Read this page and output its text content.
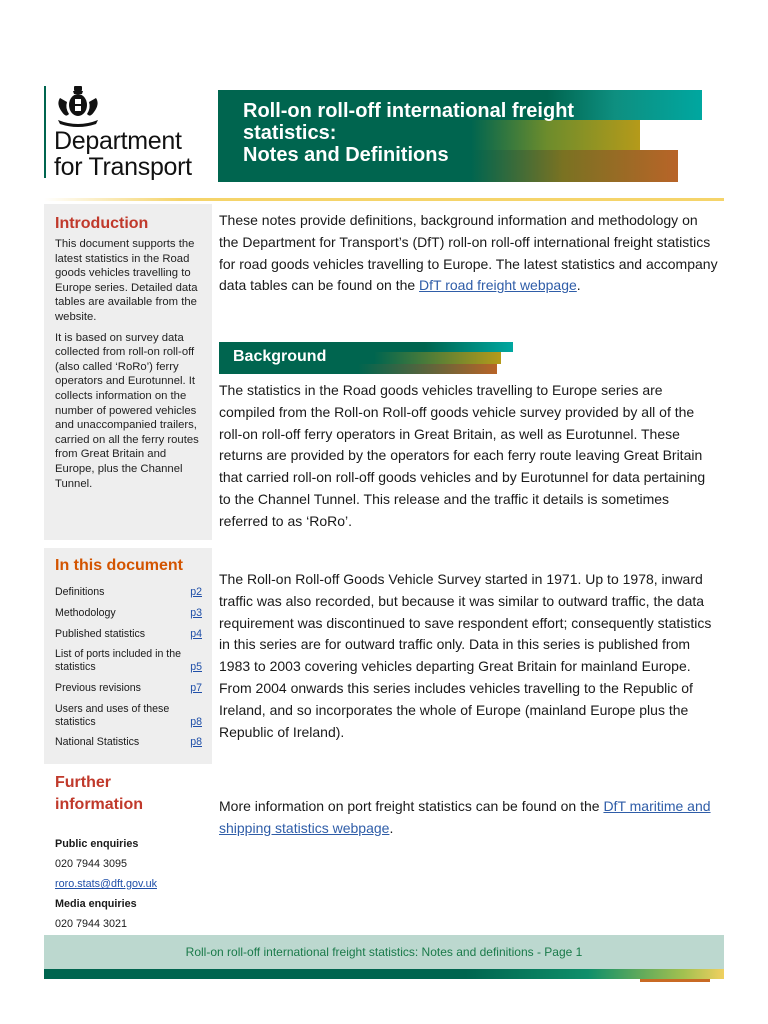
Department
for Transport
Roll-on roll-off international freight
statistics:
Notes and Definitions
Introduction

This document supports the latest statistics in the Road goods vehicles travelling to Europe series. Detailed data tables are available from the website.

It is based on survey data collected from roll-on roll-off (also called ‘RoRo’) ferry operators and Eurotunnel. It collects information on the number of powered vehicles and unaccompanied trailers, carried on all the ferry routes from Great Britain and Europe, plus the Channel Tunnel.

In this document
Definitions	p2
Methodology	p3
Published statistics	p4
List of ports included in the statistics	p5
Previous revisions	p7
Users and uses of these statistics	p8
National Statistics	p8
Further
information
Public enquiries
020 7944 3095
roro.stats@dft.gov.uk
Media enquiries
020 7944 3021
These notes provide definitions, background information and methodology on the Department for Transport’s (DfT) roll-on roll-off international freight statistics for road goods vehicles travelling to Europe. The latest statistics and accompany data tables can be found on the DfT road freight webpage.
Background
The statistics in the Road goods vehicles travelling to Europe series are compiled from the Roll-on Roll-off goods vehicle survey provided by all of the roll-on roll-off ferry operators in Great Britain, as well as Eurotunnel. These returns are provided by the operators for each ferry route leaving Great Britain that carried roll-on roll-off goods vehicles and by Eurotunnel for data pertaining to the Channel Tunnel. This release and the traffic it details is sometimes referred to as ‘RoRo’.
The Roll-on Roll-off Goods Vehicle Survey started in 1971. Up to 1978, inward traffic was also recorded, but because it was similar to outward traffic, the data requirement was discontinued to save respondent effort; consequently statistics in this series are for outward traffic only. Data in this series is published from 1983 to 2003 covering vehicles departing Great Britain for mainland Europe. From 2004 onwards this series includes vehicles travelling to the Republic of Ireland, and so incorporates the whole of Europe (mainland Europe plus the Republic of Ireland).
More information on port freight statistics can be found on the DfT maritime and shipping statistics webpage.
Roll-on roll-off international freight statistics: Notes and definitions - Page 1
